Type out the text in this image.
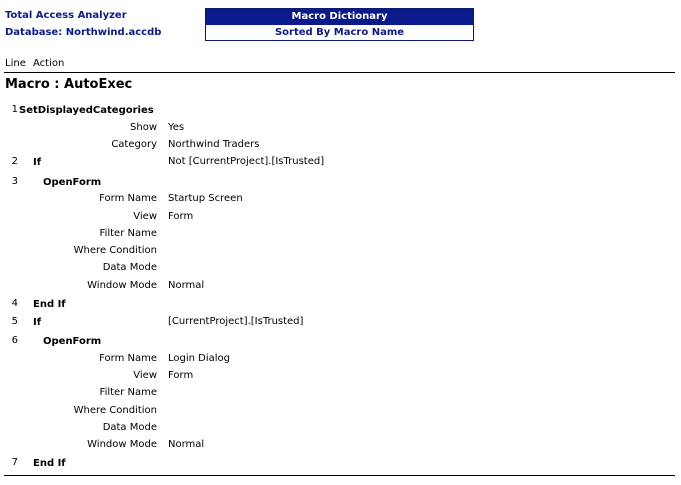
Total Access Analyzer
Database: Northwind.accdb
Macro Dictionary
Sorted By Macro Name
Line Action
Macro : AutoExec
1 SetDisplayedCategories
Show Yes
Category Northwind Traders
2 If	Not [CurrentProject].[IsTrusted]
3	OpenForm
Form Name Startup Screen
View Form
Filter Name
Where Condition
Data Mode
Window Mode Normal
4 End If
5 If	[CurrentProject].[IsTrusted]
6	OpenForm
Form Name Login Dialog
View Form
Filter Name
Where Condition
Data Mode
Window Mode Normal
7 End If
